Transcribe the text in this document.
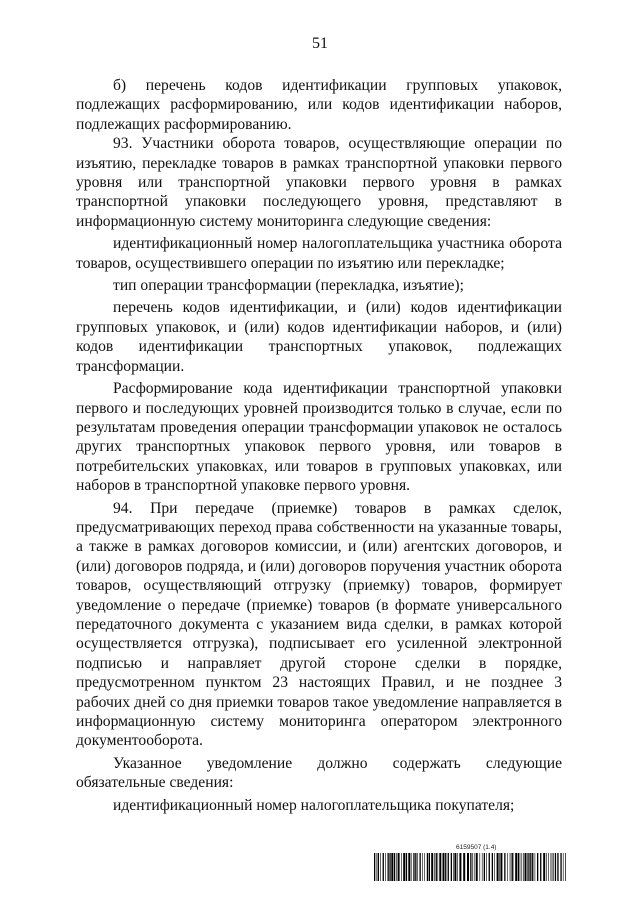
51

б) перечень кодов идентификации групповых упаковок, подлежащих расформированию, или кодов идентификации наборов, подлежащих расформированию.

93. Участники оборота товаров, осуществляющие операции по изъятию, перекладке товаров в рамках транспортной упаковки первого уровня или транспортной упаковки первого уровня в рамках транспортной упаковки последующего уровня, представляют в информационную систему мониторинга следующие сведения:

идентификационный номер налогоплательщика участника оборота товаров, осуществившего операции по изъятию или перекладке;

тип операции трансформации (перекладка, изъятие);

перечень кодов идентификации, и (или) кодов идентификации групповых упаковок, и (или) кодов идентификации наборов, и (или) кодов идентификации транспортных упаковок, подлежащих трансформации.

Расформирование кода идентификации транспортной упаковки первого и последующих уровней производится только в случае, если по результатам проведения операции трансформации упаковок не осталось других транспортных упаковок первого уровня, или товаров в потребительских упаковках, или товаров в групповых упаковках, или наборов в транспортной упаковке первого уровня.

94. При передаче (приемке) товаров в рамках сделок, предусматривающих переход права собственности на указанные товары, а также в рамках договоров комиссии, и (или) агентских договоров, и (или) договоров подряда, и (или) договоров поручения участник оборота товаров, осуществляющий отгрузку (приемку) товаров, формирует уведомление о передаче (приемке) товаров (в формате универсального передаточного документа с указанием вида сделки, в рамках которой осуществляется отгрузка), подписывает его усиленной электронной подписью и направляет другой стороне сделки в порядке, предусмотренном пунктом 23 настоящих Правил, и не позднее 3 рабочих дней со дня приемки товаров такое уведомление направляется в информационную систему мониторинга оператором электронного документооборота.

Указанное уведомление должно содержать следующие обязательные сведения:

идентификационный номер налогоплательщика покупателя;

6159507 (1.4)
